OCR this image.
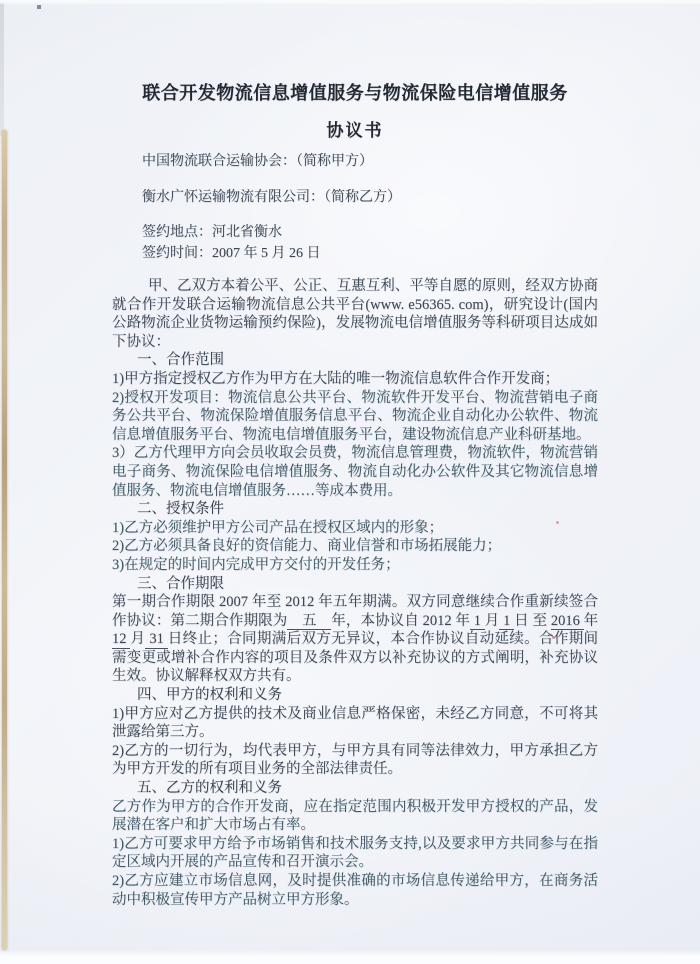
联合开发物流信息增值服务与物流保险电信增值服务
协议书

中国物流联合运输协会：（简称甲方）

衡水广怀运输物流有限公司：（简称乙方）

签约地点：河北省衡水

签约时间：2007 年 5 月 26 日

甲、乙双方本着公平、公正、互惠互利、平等自愿的原则，经双方协商就合作开发联合运输物流信息公共平台(www. e56365. com)，研究设计(国内公路物流企业货物运输预约保险)，发展物流电信增值服务等科研项目达成如下协议：
一、合作范围
1)甲方指定授权乙方作为甲方在大陆的唯一物流信息软件合作开发商；
2)授权开发项目：物流信息公共平台、物流软件开发平台、物流营销电子商务公共平台、物流保险增值服务信息平台、物流企业自动化办公软件、物流信息增值服务平台、物流电信增值服务平台，建设物流信息产业科研基地。
3）乙方代理甲方向会员收取会员费，物流信息管理费，物流软件，物流营销电子商务、物流保险电信增值服务、物流自动化办公软件及其它物流信息增值服务、物流电信增值服务……等成本费用。
二、授权条件
1)乙方必须维护甲方公司产品在授权区域内的形象；
2)乙方必须具备良好的资信能力、商业信誉和市场拓展能力；
3)在规定的时间内完成甲方交付的开发任务；
三、合作期限
第一期合作期限 2007 年至 2012 年五年期满。双方同意继续合作重新续签合作协议：第二期合作期限为　五　年，本协议自 2012 年 1 月 1 日 至 2016 年 12 月 31 日终止；合同期满后双方无异议，本合作协议自动延续。合作期间需变更或增补合作内容的项目及条件双方以补充协议的方式阐明，补充协议生效。协议解释权双方共有。
四、甲方的权利和义务
1)甲方应对乙方提供的技术及商业信息严格保密，未经乙方同意，不可将其泄露给第三方。
2)乙方的一切行为，均代表甲方，与甲方具有同等法律效力，甲方承担乙方为甲方开发的所有项目业务的全部法律责任。
五、乙方的权利和义务
乙方作为甲方的合作开发商，应在指定范围内积极开发甲方授权的产品，发展潜在客户和扩大市场占有率。
1)乙方可要求甲方给予市场销售和技术服务支持,以及要求甲方共同参与在指定区域内开展的产品宣传和召开演示会。
2)乙方应建立市场信息网，及时提供准确的市场信息传递给甲方，在商务活动中积极宣传甲方产品树立甲方形象。
